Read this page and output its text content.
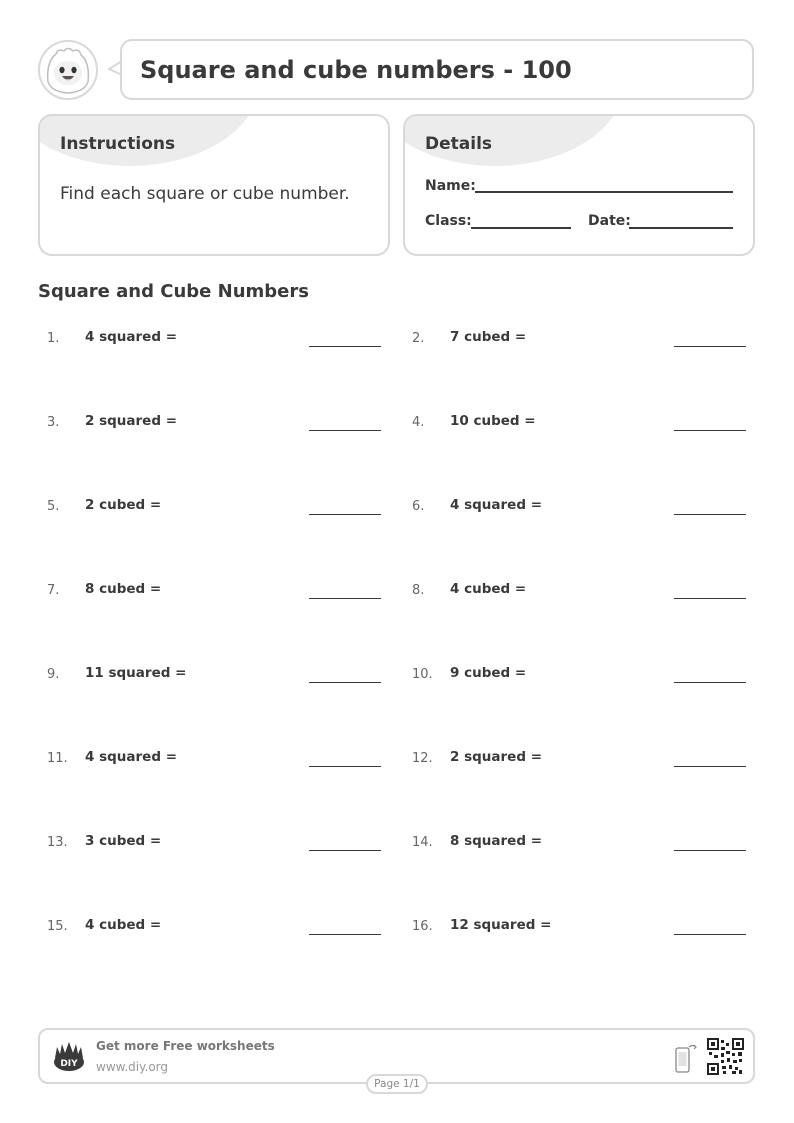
Square and cube numbers - 100
Instructions
Find each square or cube number.
Details
Name:
Class:	Date:
Square and Cube Numbers
1. 4 squared =	2. 7 cubed =
3. 2 squared =	4. 10 cubed =
5. 2 cubed =	6. 4 squared =
7. 8 cubed =	8. 4 cubed =
9. 11 squared =	10. 9 cubed =
11. 4 squared =	12. 2 squared =
13. 3 cubed =	14. 8 squared =
15. 4 cubed =	16. 12 squared =
DIY
Get more Free worksheets
www.diy.org
Page 1/1
